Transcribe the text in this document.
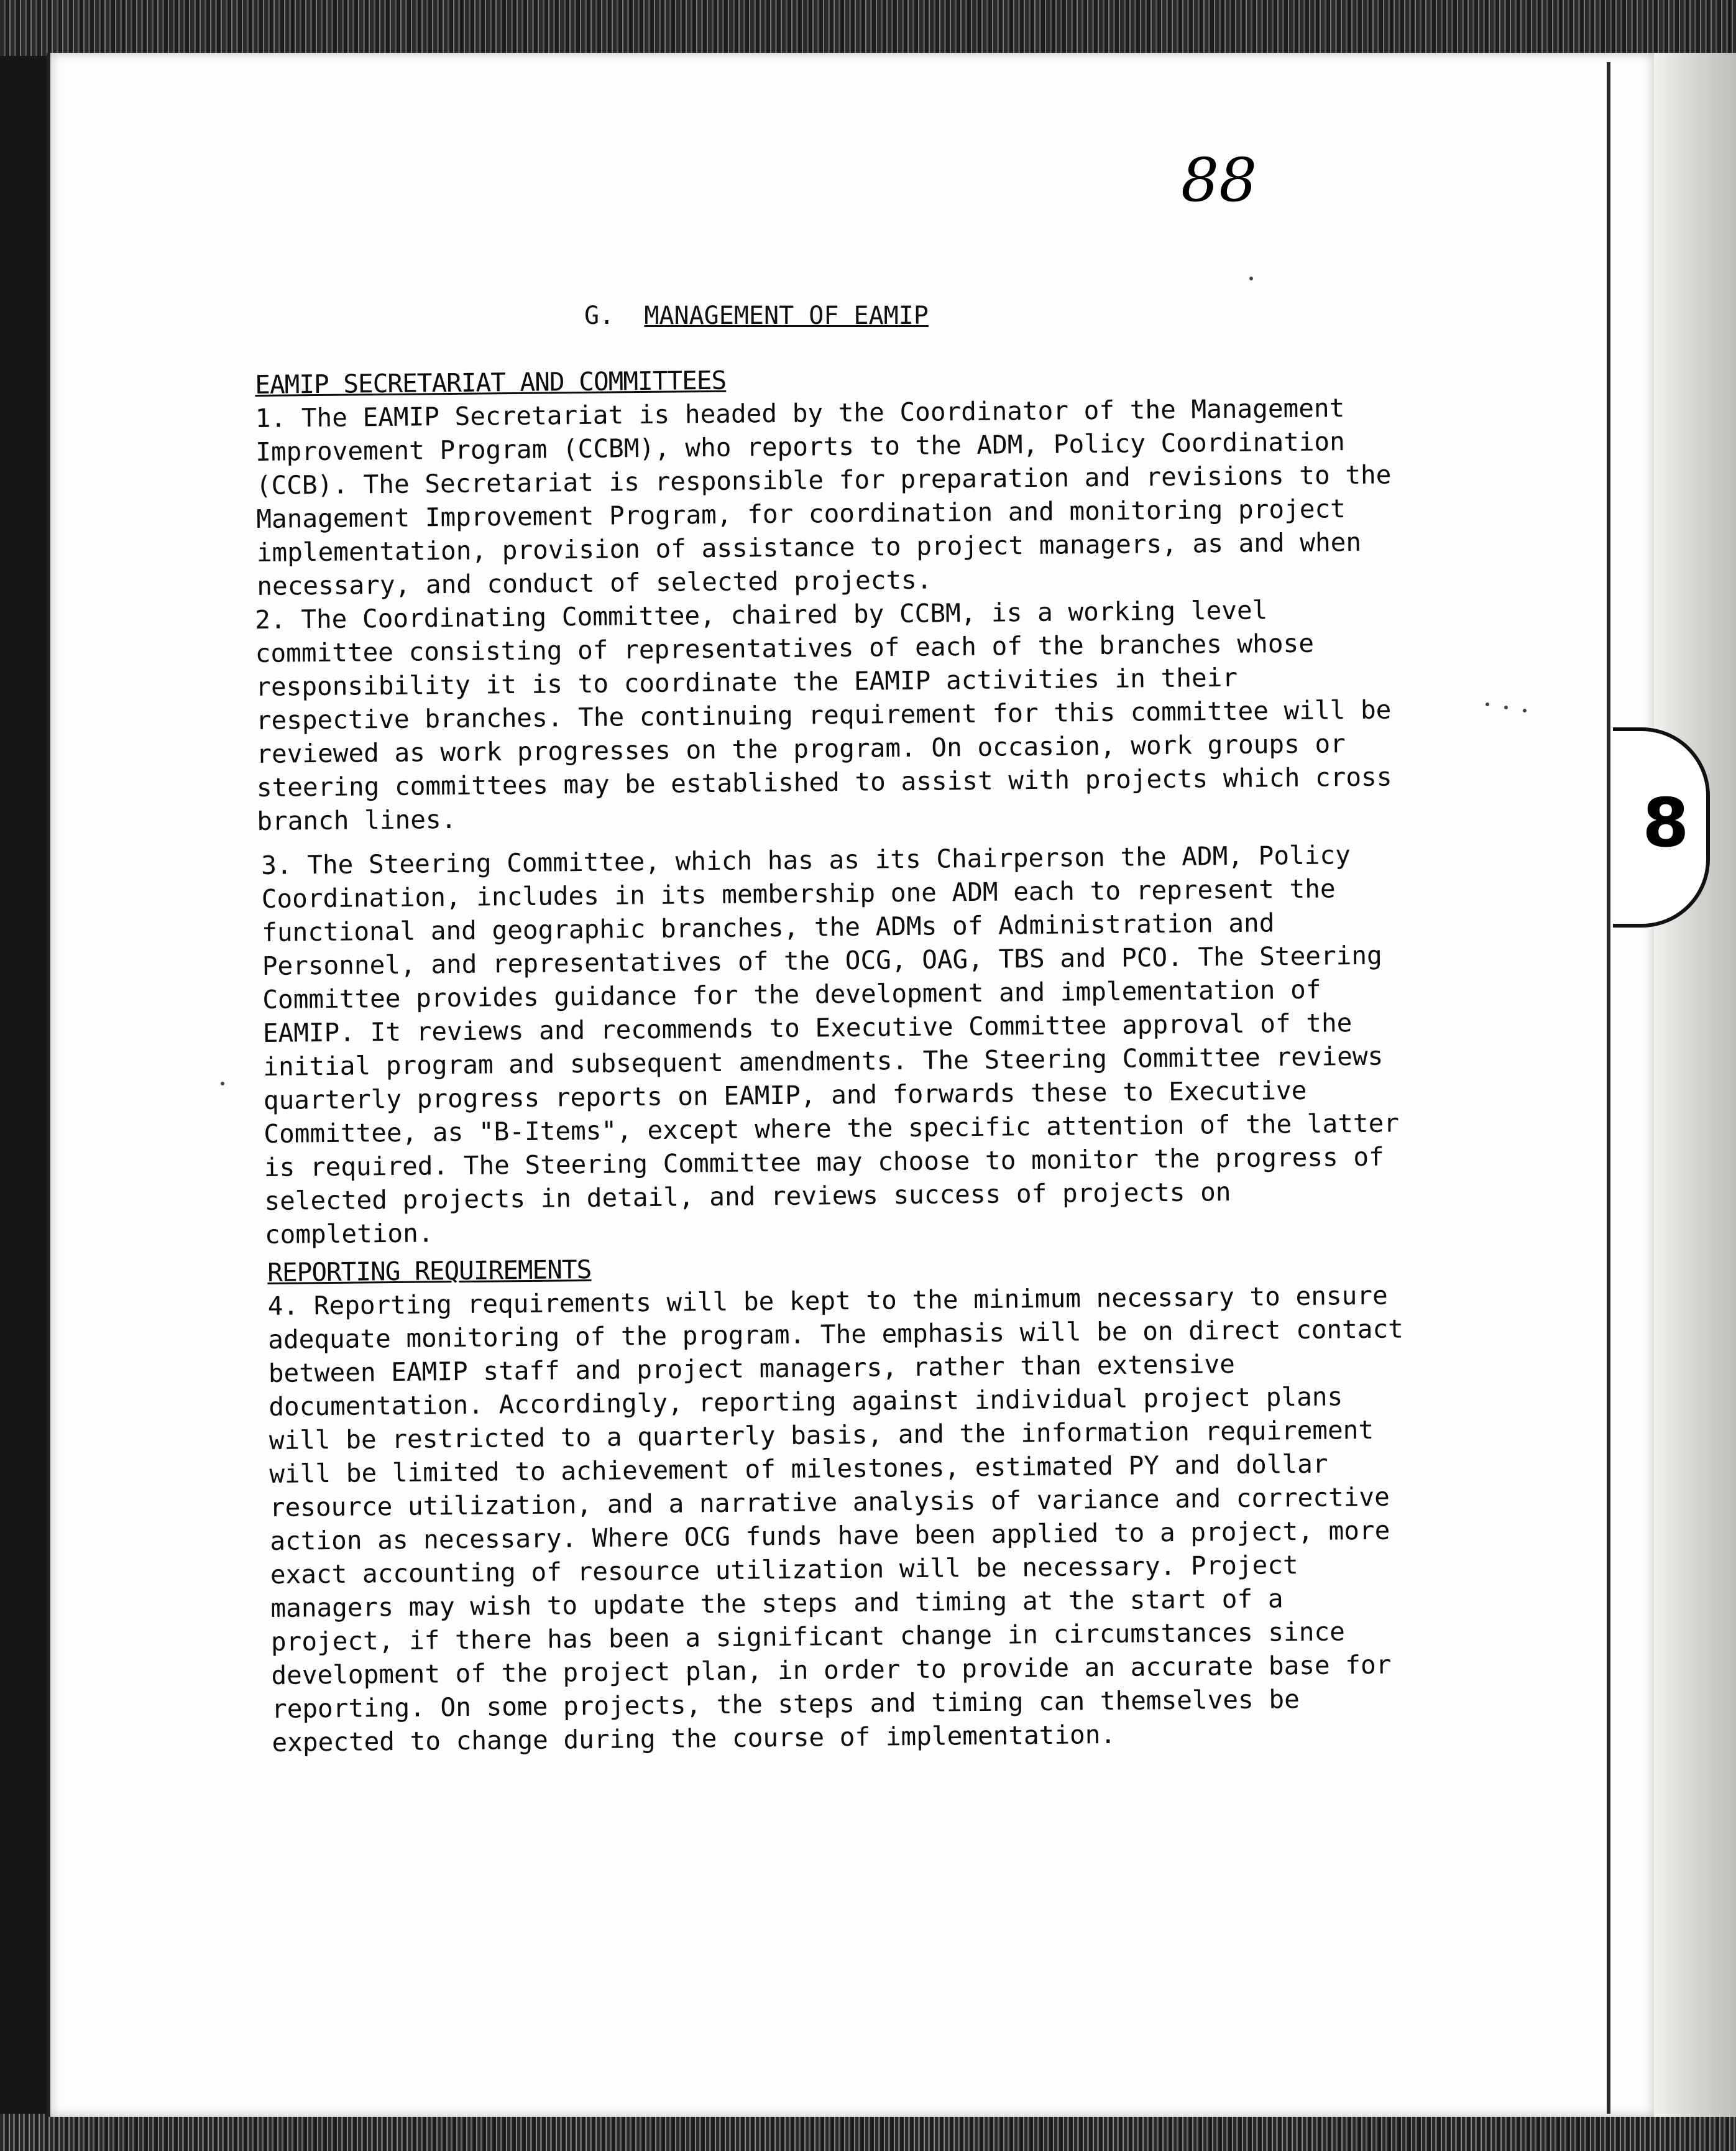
8
88
G. MANAGEMENT OF EAMIP
EAMIP SECRETARIAT AND COMMITTEES
1. The EAMIP Secretariat is headed by the Coordinator of the Management Improvement Program (CCBM), who reports to the ADM, Policy Coordination (CCB). The Secretariat is responsible for preparation and revisions to the Management Improvement Program, for coordination and monitoring project implementation, provision of assistance to project managers, as and when necessary, and conduct of selected projects.
2. The Coordinating Committee, chaired by CCBM, is a working level committee consisting of representatives of each of the branches whose responsibility it is to coordinate the EAMIP activities in their respective branches. The continuing requirement for this committee will be reviewed as work progresses on the program. On occasion, work groups or steering committees may be established to assist with projects which cross branch lines.
3. The Steering Committee, which has as its Chairperson the ADM, Policy Coordination, includes in its membership one ADM each to represent the functional and geographic branches, the ADMs of Administration and Personnel, and representatives of the OCG, OAG, TBS and PCO. The Steering Committee provides guidance for the development and implementation of EAMIP. It reviews and recommends to Executive Committee approval of the initial program and subsequent amendments. The Steering Committee reviews quarterly progress reports on EAMIP, and forwards these to Executive Committee, as "B-Items", except where the specific attention of the latter is required. The Steering Committee may choose to monitor the progress of selected projects in detail, and reviews success of projects on completion.
REPORTING REQUIREMENTS
4. Reporting requirements will be kept to the minimum necessary to ensure adequate monitoring of the program. The emphasis will be on direct contact between EAMIP staff and project managers, rather than extensive documentation. Accordingly, reporting against individual project plans will be restricted to a quarterly basis, and the information requirement will be limited to achievement of milestones, estimated PY and dollar resource utilization, and a narrative analysis of variance and corrective action as necessary. Where OCG funds have been applied to a project, more exact accounting of resource utilization will be necessary. Project managers may wish to update the steps and timing at the start of a project, if there has been a significant change in circumstances since development of the project plan, in order to provide an accurate base for reporting. On some projects, the steps and timing can themselves be expected to change during the course of implementation.
